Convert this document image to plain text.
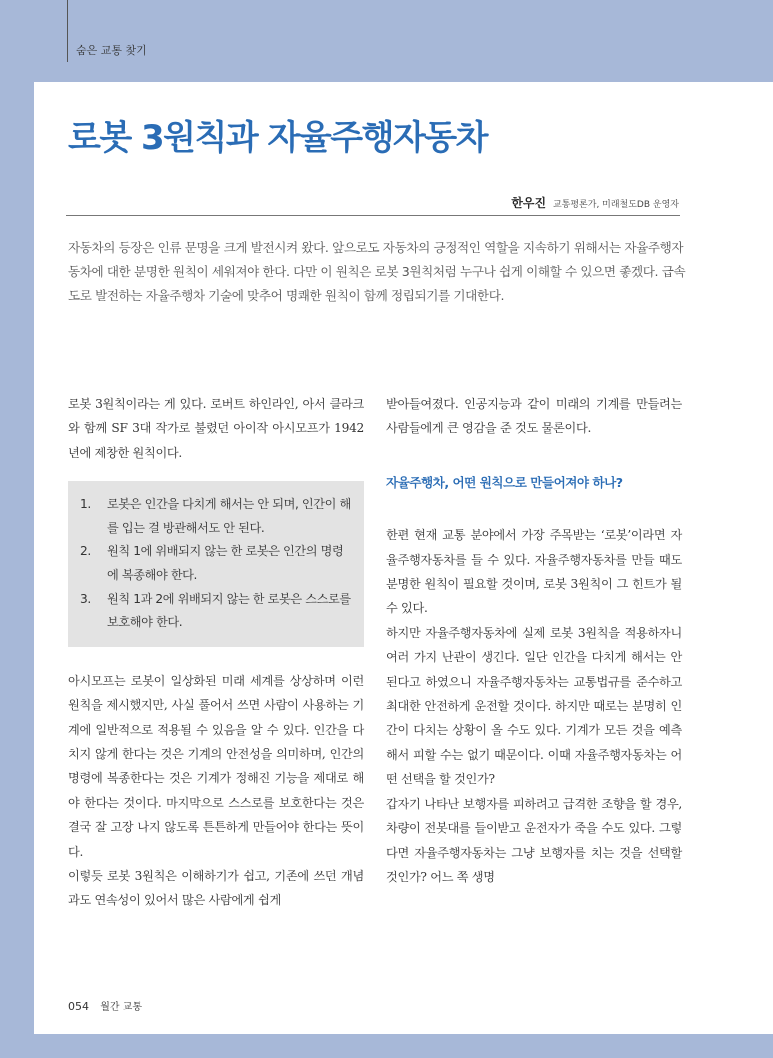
숨은 교통 찾기
로봇 3원칙과 자율주행자동차
한우진 교통평론가, 미래철도DB 운영자

자동차의 등장은 인류 문명을 크게 발전시켜 왔다. 앞으로도 자동차의 긍정적인 역할을 지속하기 위해서는 자율주행자동차에 대한 분명한 원칙이 세워져야 한다. 다만 이 원칙은 로봇 3원칙처럼 누구나 쉽게 이해할 수 있으면 좋겠다. 급속도로 발전하는 자율주행차 기술에 맞추어 명쾌한 원칙이 함께 정립되기를 기대한다.

로봇 3원칙이라는 게 있다. 로버트 하인라인, 아서 클라크와 함께 SF 3대 작가로 불렸던 아이작 아시모프가 1942년에 제창한 원칙이다.

1. 로봇은 인간을 다치게 해서는 안 되며, 인간이 해를 입는 걸 방관해서도 안 된다.
2. 원칙 1에 위배되지 않는 한 로봇은 인간의 명령에 복종해야 한다.
3. 원칙 1과 2에 위배되지 않는 한 로봇은 스스로를 보호해야 한다.

아시모프는 로봇이 일상화된 미래 세계를 상상하며 이런 원칙을 제시했지만, 사실 풀어서 쓰면 사람이 사용하는 기계에 일반적으로 적용될 수 있음을 알 수 있다. 인간을 다치지 않게 한다는 것은 기계의 안전성을 의미하며, 인간의 명령에 복종한다는 것은 기계가 정해진 기능을 제대로 해야 한다는 것이다. 마지막으로 스스로를 보호한다는 것은 결국 잘 고장 나지 않도록 튼튼하게 만들어야 한다는 뜻이다.

이렇듯 로봇 3원칙은 이해하기가 쉽고, 기존에 쓰던 개념과도 연속성이 있어서 많은 사람에게 쉽게

받아들여졌다. 인공지능과 같이 미래의 기계를 만들려는 사람들에게 큰 영감을 준 것도 물론이다.

자율주행차, 어떤 원칙으로 만들어져야 하나?

한편 현재 교통 분야에서 가장 주목받는 ‘로봇’이라면 자율주행자동차를 들 수 있다. 자율주행자동차를 만들 때도 분명한 원칙이 필요할 것이며, 로봇 3원칙이 그 힌트가 될 수 있다.

하지만 자율주행자동차에 실제 로봇 3원칙을 적용하자니 여러 가지 난관이 생긴다. 일단 인간을 다치게 해서는 안 된다고 하였으니 자율주행자동차는 교통법규를 준수하고 최대한 안전하게 운전할 것이다. 하지만 때로는 분명히 인간이 다치는 상황이 올 수도 있다. 기계가 모든 것을 예측해서 피할 수는 없기 때문이다. 이때 자율주행자동차는 어떤 선택을 할 것인가?

갑자기 나타난 보행자를 피하려고 급격한 조향을 할 경우, 차량이 전봇대를 들이받고 운전자가 죽을 수도 있다. 그렇다면 자율주행자동차는 그냥 보행자를 치는 것을 선택할 것인가? 어느 쪽 생명

054 월간 교통
